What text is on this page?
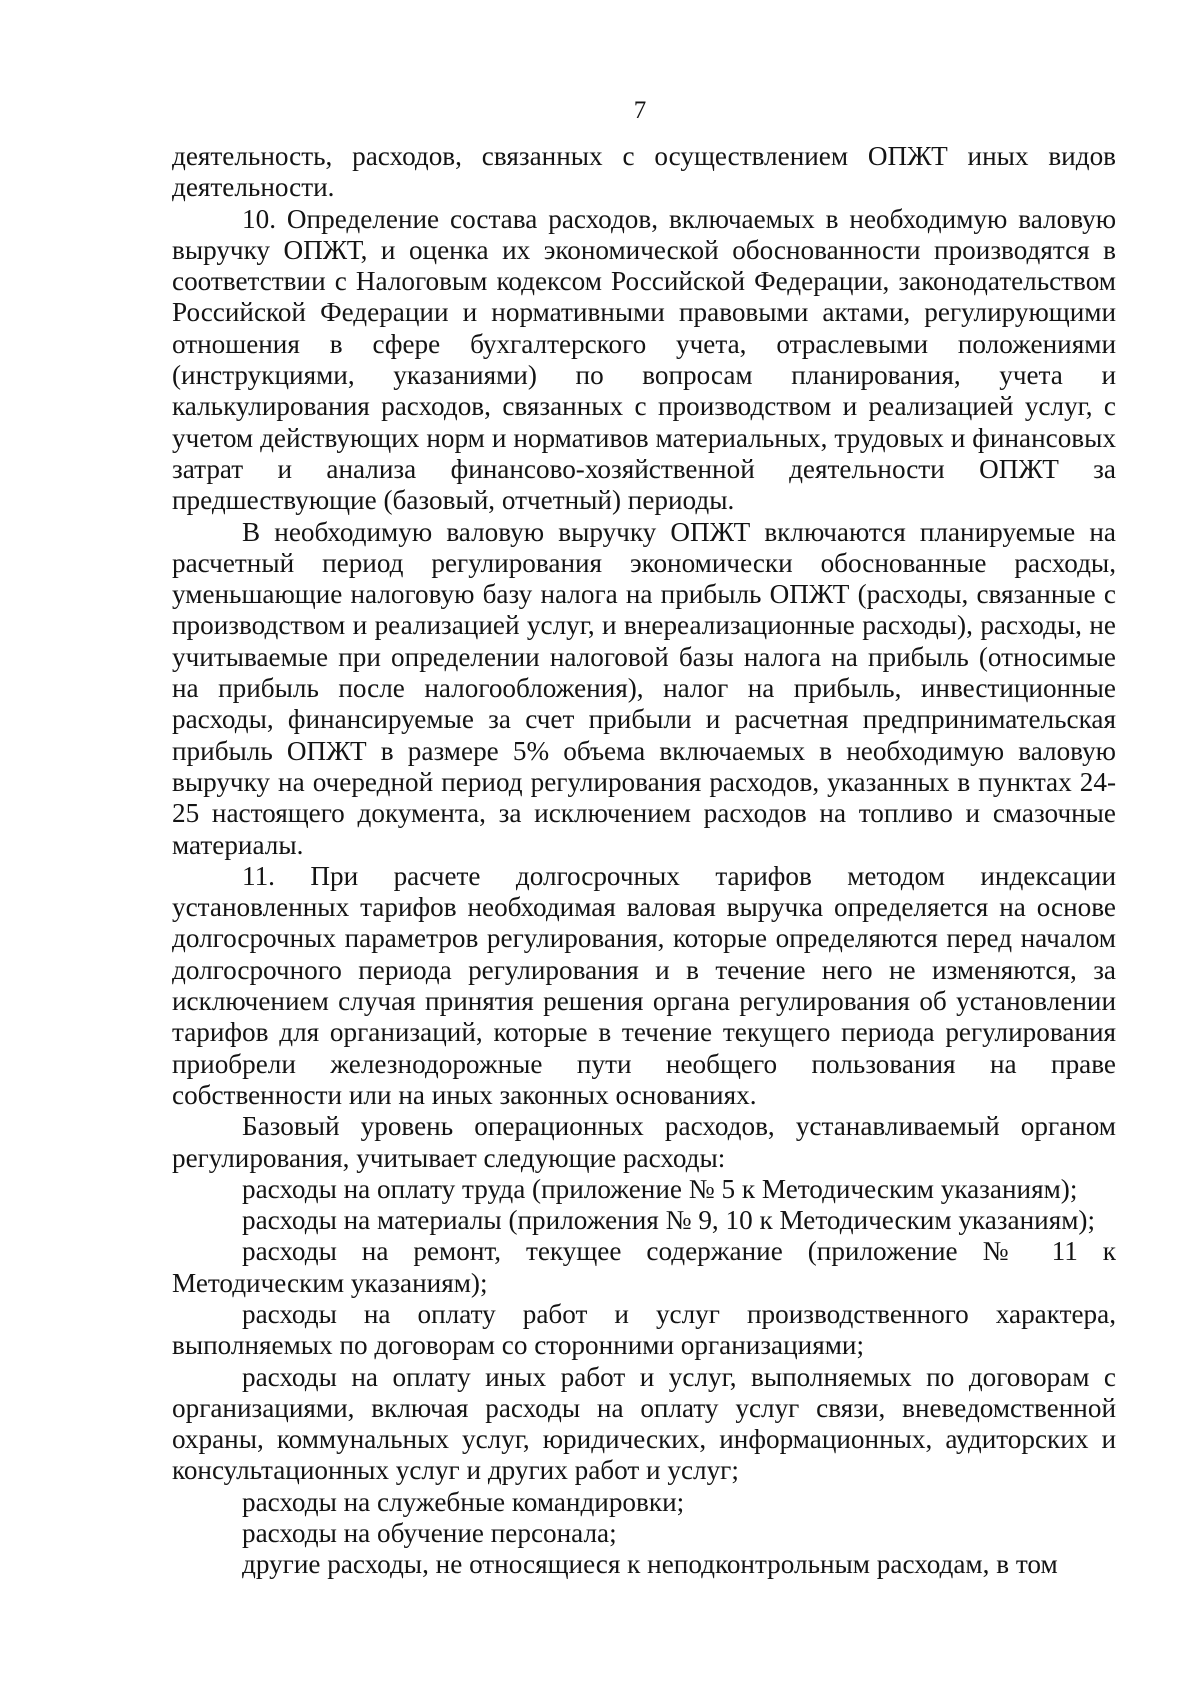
7

деятельность, расходов, связанных с осуществлением ОПЖТ иных видов деятельности.

10. Определение состава расходов, включаемых в необходимую валовую выручку ОПЖТ, и оценка их экономической обоснованности производятся в соответствии с Налоговым кодексом Российской Федерации, законодательством Российской Федерации и нормативными правовыми актами, регулирующими отношения в сфере бухгалтерского учета, отраслевыми положениями (инструкциями, указаниями) по вопросам планирования, учета и калькулирования расходов, связанных с производством и реализацией услуг, с учетом действующих норм и нормативов материальных, трудовых и финансовых затрат и анализа финансово-хозяйственной деятельности ОПЖТ за предшествующие (базовый, отчетный) периоды.

В необходимую валовую выручку ОПЖТ включаются планируемые на расчетный период регулирования экономически обоснованные расходы, уменьшающие налоговую базу налога на прибыль ОПЖТ (расходы, связанные с производством и реализацией услуг, и внереализационные расходы), расходы, не учитываемые при определении налоговой базы налога на прибыль (относимые на прибыль после налогообложения), налог на прибыль, инвестиционные расходы, финансируемые за счет прибыли и расчетная предпринимательская прибыль ОПЖТ в размере 5% объема включаемых в необходимую валовую выручку на очередной период регулирования расходов, указанных в пунктах 24-25 настоящего документа, за исключением расходов на топливо и смазочные материалы.

11. При расчете долгосрочных тарифов методом индексации установленных тарифов необходимая валовая выручка определяется на основе долгосрочных параметров регулирования, которые определяются перед началом долгосрочного периода регулирования и в течение него не изменяются, за исключением случая принятия решения органа регулирования об установлении тарифов для организаций, которые в течение текущего периода регулирования приобрели железнодорожные пути необщего пользования на праве собственности или на иных законных основаниях.

Базовый уровень операционных расходов, устанавливаемый органом регулирования, учитывает следующие расходы:

расходы на оплату труда (приложение № 5 к Методическим указаниям);

расходы на материалы (приложения № 9, 10 к Методическим указаниям);

расходы на ремонт, текущее содержание (приложение № 11 к Методическим указаниям);

расходы на оплату работ и услуг производственного характера, выполняемых по договорам со сторонними организациями;

расходы на оплату иных работ и услуг, выполняемых по договорам с организациями, включая расходы на оплату услуг связи, вневедомственной охраны, коммунальных услуг, юридических, информационных, аудиторских и консультационных услуг и других работ и услуг;

расходы на служебные командировки;

расходы на обучение персонала;

другие расходы, не относящиеся к неподконтрольным расходам, в том
